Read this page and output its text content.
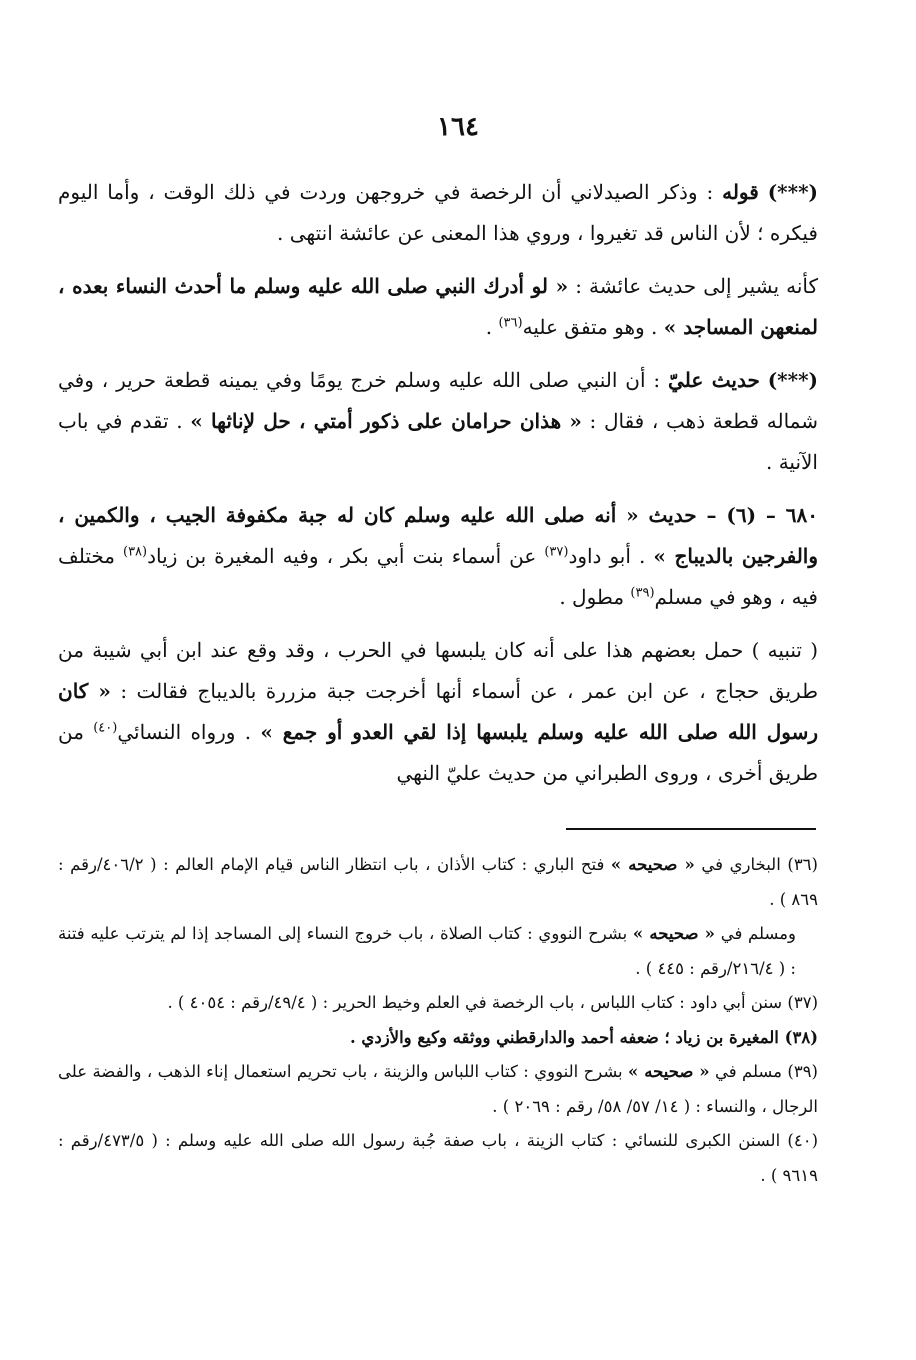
١٦٤

(***) قوله : وذكر الصيدلاني أن الرخصة في خروجهن وردت في ذلك الوقت ، وأما اليوم فيكره ؛ لأن الناس قد تغيروا ، وروي هذا المعنى عن عائشة انتهى .

كأنه يشير إلى حديث عائشة : « لو أدرك النبي صلى الله عليه وسلم ما أحدث النساء بعده ، لمنعهن المساجد » . وهو متفق عليه$^{(٣٦)}$ .

(***) حديث عليّ : أن النبي صلى الله عليه وسلم خرج يومًا وفي يمينه قطعة حرير ، وفي شماله قطعة ذهب ، فقال : « هذان حرامان على ذكور أمتي ، حل لإناثها » . تقدم في باب الآنية .

٦٨٠ – (٦) – حديث « أنه صلى الله عليه وسلم كان له جبة مكفوفة الجيب ، والكمين ، والفرجين بالديباج » . أبو داود$^{(٣٧)}$ عن أسماء بنت أبي بكر ، وفيه المغيرة بن زياد$^{(٣٨)}$ مختلف فيه ، وهو في مسلم$^{(٣٩)}$ مطول .

( تنبيه ) حمل بعضهم هذا على أنه كان يلبسها في الحرب ، وقد وقع عند ابن أبي شيبة من طريق حجاج ، عن ابن عمر ، عن أسماء أنها أخرجت جبة مزررة بالديباج فقالت : « كان رسول الله صلى الله عليه وسلم يلبسها إذا لقي العدو أو جمع » . ورواه النسائي$^{(٤٠)}$ من طريق أخرى ، وروى الطبراني من حديث عليّ النهي

(٣٦) البخاري في « صحيحه » فتح الباري : كتاب الأذان ، باب انتظار الناس قيام الإمام العالم : ( ٤٠٦/٢/رقم : ٨٦٩ ) .

ومسلم في « صحيحه » بشرح النووي : كتاب الصلاة ، باب خروج النساء إلى المساجد إذا لم يترتب عليه فتنة : ( ٢١٦/٤/رقم : ٤٤٥ ) .

(٣٧) سنن أبي داود : كتاب اللباس ، باب الرخصة في العلم وخيط الحرير : ( ٤٩/٤/رقم : ٤٠٥٤ ) .

(٣٨) المغيرة بن زياد ؛ ضعفه أحمد والدارقطني ووثقه وكيع والأزدي .

(٣٩) مسلم في « صحيحه » بشرح النووي : كتاب اللباس والزينة ، باب تحريم استعمال إناء الذهب ، والفضة على الرجال ، والنساء : ( ١٤/ ٥٧/ ٥٨/ رقم : ٢٠٦٩ ) .

(٤٠) السنن الكبرى للنسائي : كتاب الزينة ، باب صفة جُبة رسول الله صلى الله عليه وسلم : ( ٤٧٣/٥/رقم : ٩٦١٩ ) .
